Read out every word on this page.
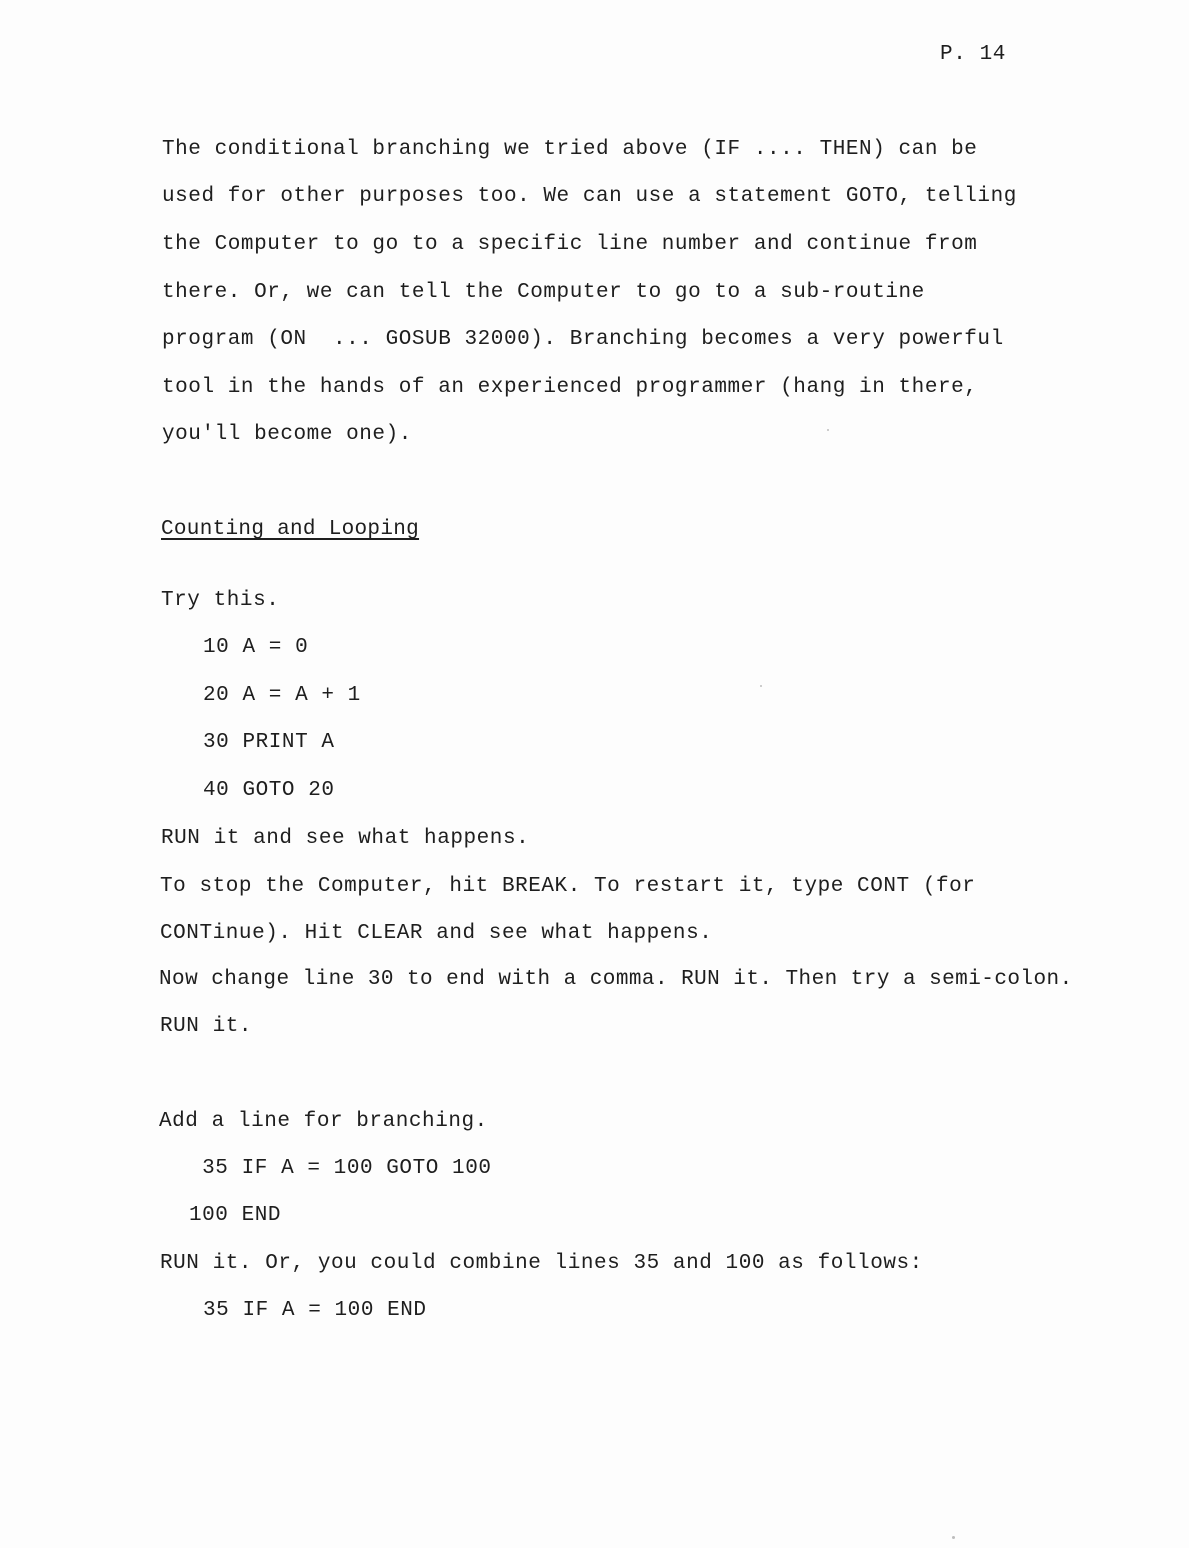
P. 14
The conditional branching we tried above (IF .... THEN) can be
used for other purposes too. We can use a statement GOTO, telling
the Computer to go to a specific line number and continue from
there. Or, we can tell the Computer to go to a sub-routine
program (ON  ... GOSUB 32000). Branching becomes a very powerful
tool in the hands of an experienced programmer (hang in there,
you'll become one).
Counting and Looping
Try this.
10 A = 0
20 A = A + 1
30 PRINT A
40 GOTO 20
RUN it and see what happens.
To stop the Computer, hit BREAK. To restart it, type CONT (for
CONTinue). Hit CLEAR and see what happens.
Now change line 30 to end with a comma. RUN it. Then try a semi-colon.
RUN it.
Add a line for branching.
35 IF A = 100 GOTO 100
100 END
RUN it. Or, you could combine lines 35 and 100 as follows:
35 IF A = 100 END
